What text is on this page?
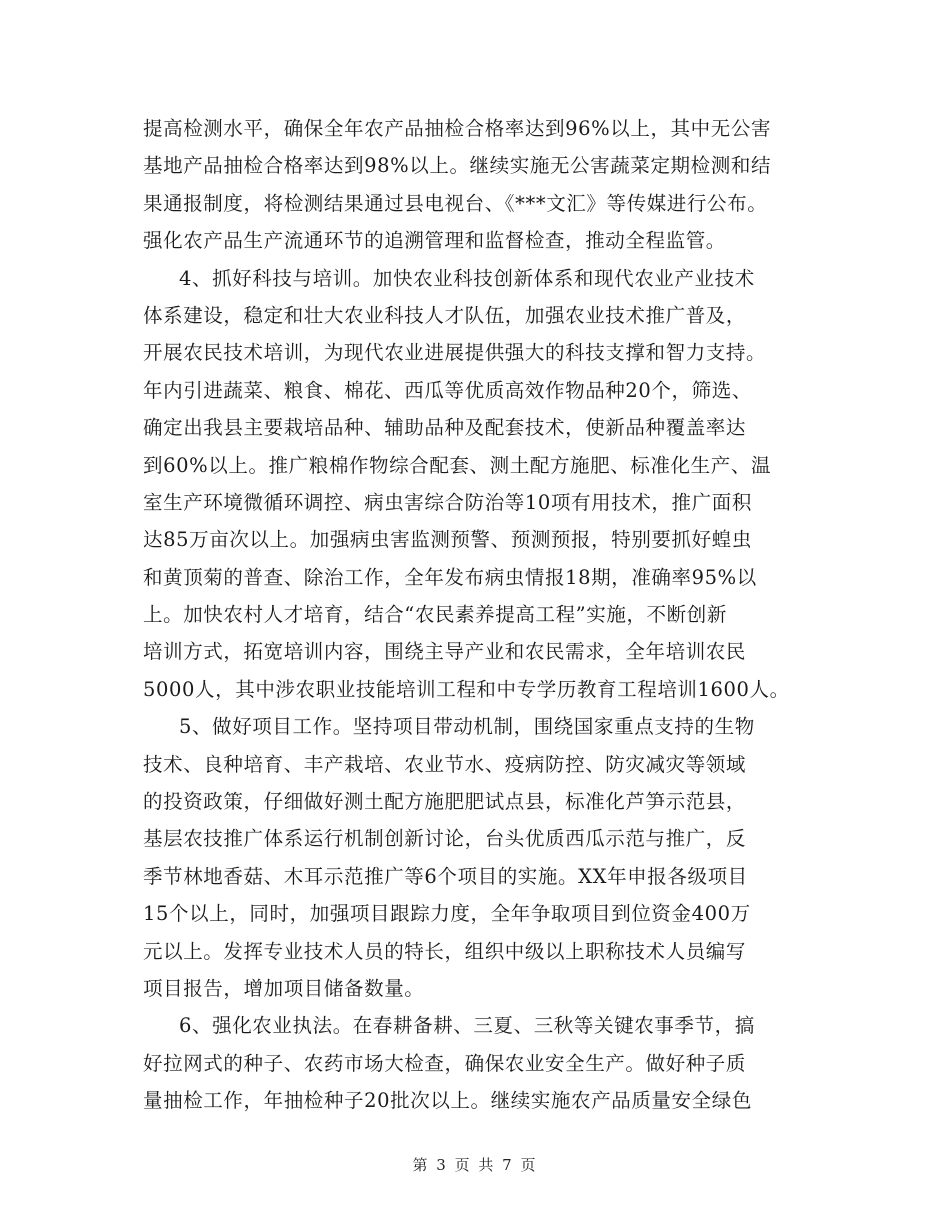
提高检测水平，确保全年农产品抽检合格率达到96%以上，其中无公害
基地产品抽检合格率达到98%以上。继续实施无公害蔬菜定期检测和结
果通报制度，将检测结果通过县电视台、《***文汇》等传媒进行公布。
强化农产品生产流通环节的追溯管理和监督检查，推动全程监管。
4、抓好科技与培训。加快农业科技创新体系和现代农业产业技术
体系建设，稳定和壮大农业科技人才队伍，加强农业技术推广普及，
开展农民技术培训，为现代农业进展提供强大的科技支撑和智力支持。
年内引进蔬菜、粮食、棉花、西瓜等优质高效作物品种20个，筛选、
确定出我县主要栽培品种、辅助品种及配套技术，使新品种覆盖率达
到60%以上。推广粮棉作物综合配套、测土配方施肥、标准化生产、温
室生产环境微循环调控、病虫害综合防治等10项有用技术，推广面积
达85万亩次以上。加强病虫害监测预警、预测预报，特别要抓好蝗虫
和黄顶菊的普查、除治工作，全年发布病虫情报18期，准确率95%以
上。加快农村人才培育，结合“农民素养提高工程”实施，不断创新
培训方式，拓宽培训内容，围绕主导产业和农民需求，全年培训农民
5000人，其中涉农职业技能培训工程和中专学历教育工程培训1600人。
5、做好项目工作。坚持项目带动机制，围绕国家重点支持的生物
技术、良种培育、丰产栽培、农业节水、疫病防控、防灾减灾等领域
的投资政策，仔细做好测土配方施肥肥试点县，标准化芦笋示范县，
基层农技推广体系运行机制创新讨论，台头优质西瓜示范与推广，反
季节林地香菇、木耳示范推广等6个项目的实施。XX年申报各级项目
15个以上，同时，加强项目跟踪力度，全年争取项目到位资金400万
元以上。发挥专业技术人员的特长，组织中级以上职称技术人员编写
项目报告，增加项目储备数量。
6、强化农业执法。在春耕备耕、三夏、三秋等关键农事季节，搞
好拉网式的种子、农药市场大检查，确保农业安全生产。做好种子质
量抽检工作，年抽检种子20批次以上。继续实施农产品质量安全绿色
第 3 页 共 7 页
